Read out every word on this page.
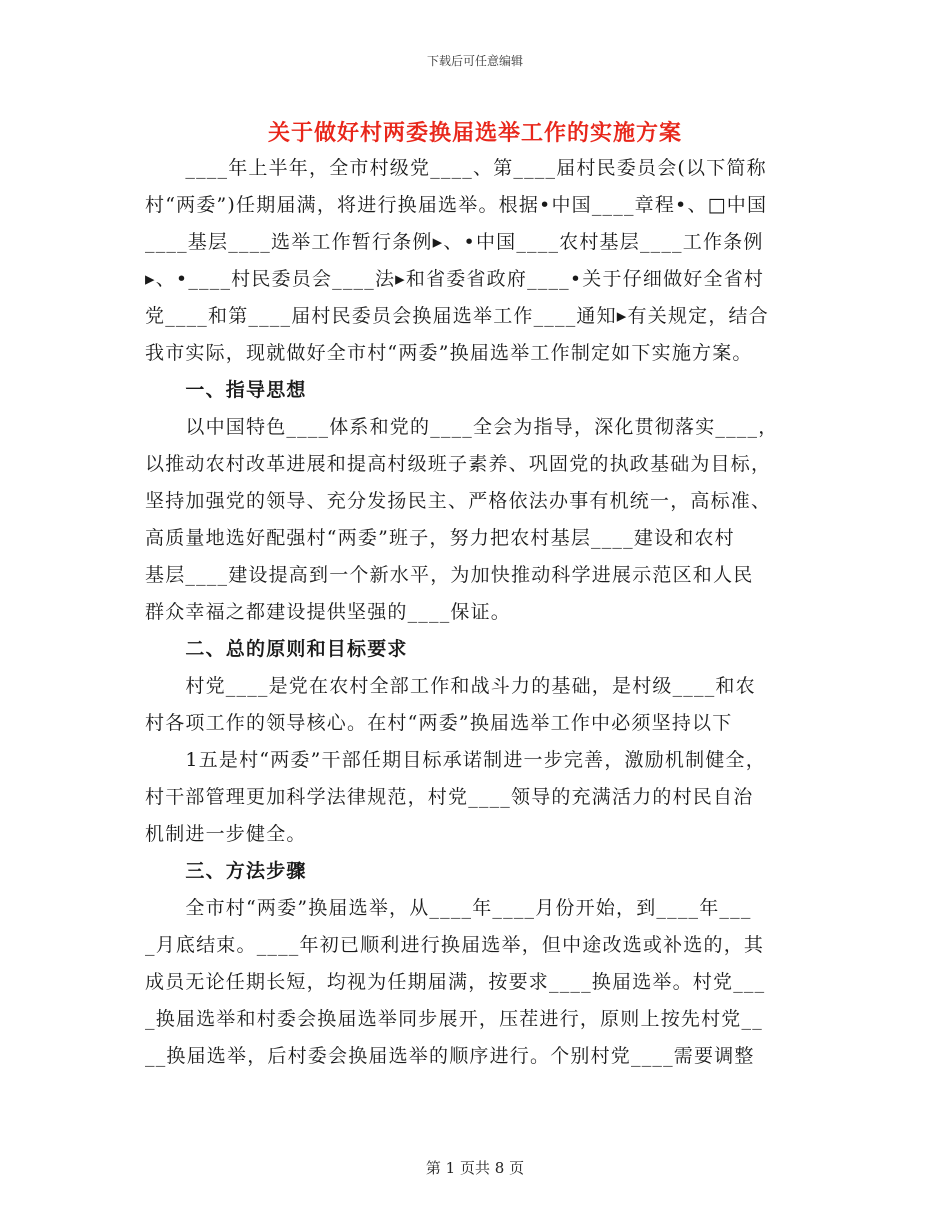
下载后可任意编辑
关于做好村两委换届选举工作的实施方案
　　____年上半年，全市村级党____、第____届村民委员会(以下简称
村“两委”)任期届满，将进行换届选举。根据•中国____章程•、□中国
____基层____选举工作暂行条例▸、•中国____农村基层____工作条例
▸、•____村民委员会____法▸和省委省政府____•关于仔细做好全省村
党____和第____届村民委员会换届选举工作____通知▸有关规定，结合
我市实际，现就做好全市村“两委”换届选举工作制定如下实施方案。
　　一、指导思想
　　以中国特色____体系和党的____全会为指导，深化贯彻落实____，
以推动农村改革进展和提高村级班子素养、巩固党的执政基础为目标，
坚持加强党的领导、充分发扬民主、严格依法办事有机统一，高标准、
高质量地选好配强村“两委”班子，努力把农村基层____建设和农村
基层____建设提高到一个新水平，为加快推动科学进展示范区和人民
群众幸福之都建设提供坚强的____保证。
　　二、总的原则和目标要求
　　村党____是党在农村全部工作和战斗力的基础，是村级____和农
村各项工作的领导核心。在村“两委”换届选举工作中必须坚持以下
　　1五是村“两委”干部任期目标承诺制进一步完善，激励机制健全，
村干部管理更加科学法律规范，村党____领导的充满活力的村民自治
机制进一步健全。
　　三、方法步骤
　　全市村“两委”换届选举，从____年____月份开始，到____年___
_月底结束。____年初已顺利进行换届选举，但中途改选或补选的，其
成员无论任期长短，均视为任期届满，按要求____换届选举。村党___
_换届选举和村委会换届选举同步展开，压茬进行，原则上按先村党__
__换届选举，后村委会换届选举的顺序进行。个别村党____需要调整
第 1 页共 8 页
